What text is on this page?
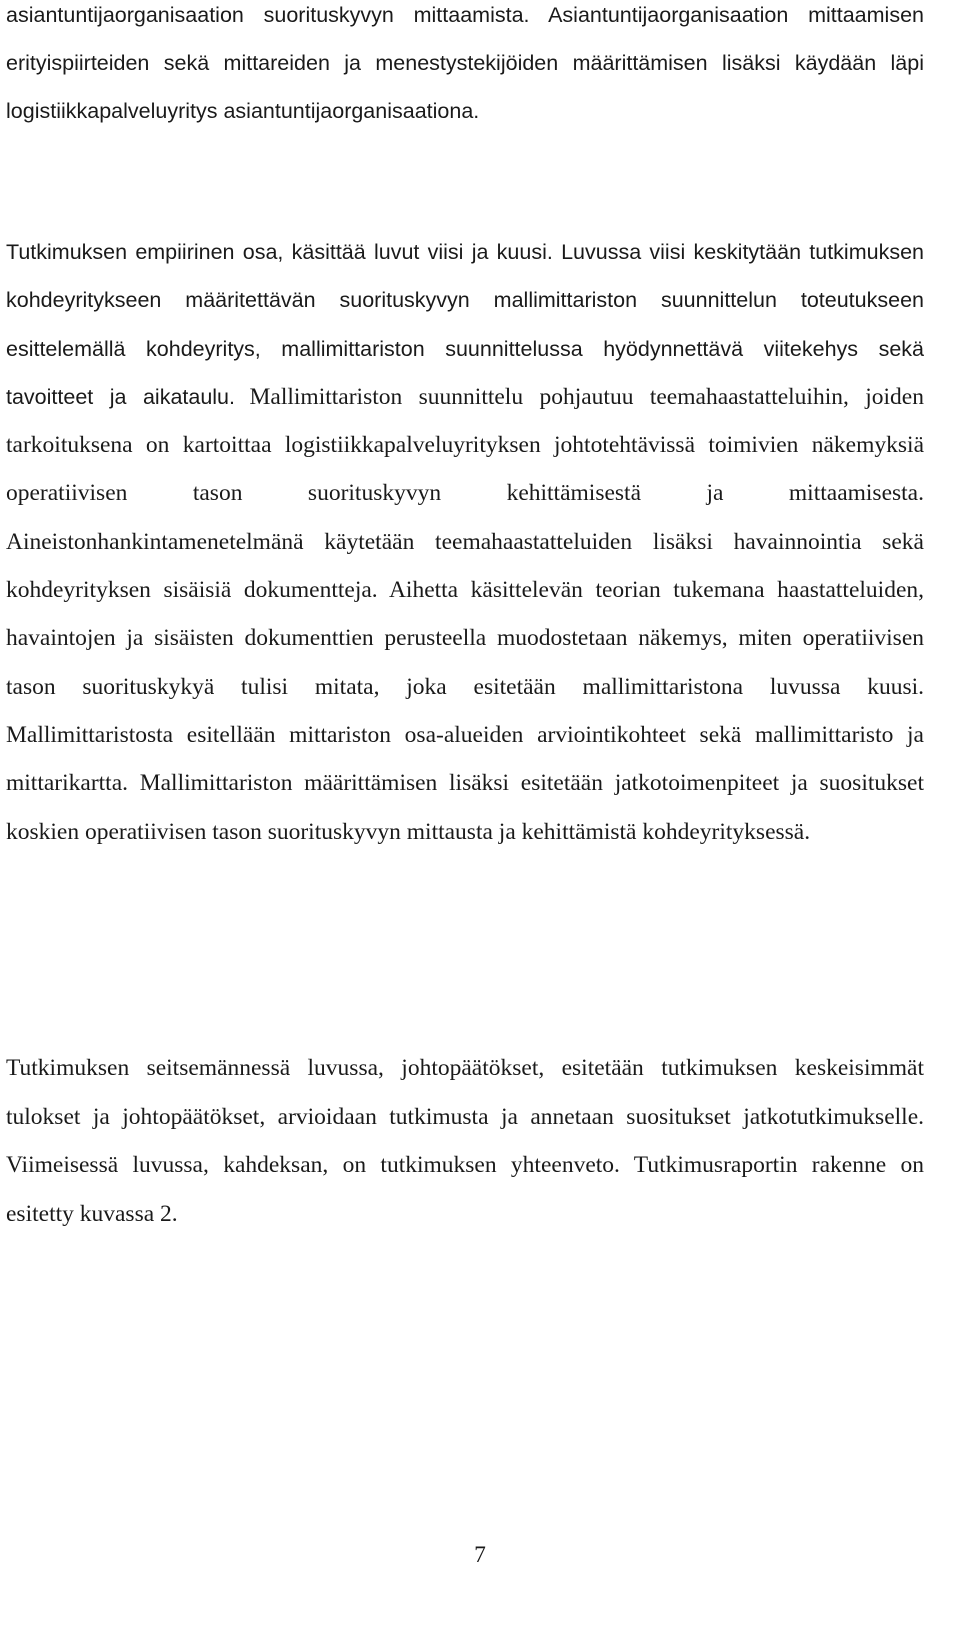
asiantuntijaorganisaation suorituskyvyn mittaamista. Asiantuntijaorganisaation mittaamisen erityispiirteiden sekä mittareiden ja menestystekijöiden määrittämisen lisäksi käydään läpi logistiikkapalveluyritys asiantuntijaorganisaationa.

Tutkimuksen empiirinen osa, käsittää luvut viisi ja kuusi. Luvussa viisi keskitytään tutkimuksen kohdeyritykseen määritettävän suorituskyvyn mallimittariston suunnittelun toteutukseen esittelemällä kohdeyritys, mallimittariston suunnittelussa hyödynnettävä viitekehys sekä tavoitteet ja aikataulu. Mallimittariston suunnittelu pohjautuu teemahaastatteluihin, joiden tarkoituksena on kartoittaa logistiikkapalveluyrityksen johtotehtävissä toimivien näkemyksiä operatiivisen tason suorituskyvyn kehittämisestä ja mittaamisesta. Aineistonhankintamenetelmänä käytetään teemahaastatteluiden lisäksi havainnointia sekä kohdeyrityksen sisäisiä dokumentteja. Aihetta käsittelevän teorian tukemana haastatteluiden, havaintojen ja sisäisten dokumenttien perusteella muodostetaan näkemys, miten operatiivisen tason suorituskykyä tulisi mitata, joka esitetään mallimittaristona luvussa kuusi. Mallimittaristosta esitellään mittariston osa-alueiden arviointikohteet sekä mallimittaristo ja mittarikartta. Mallimittariston määrittämisen lisäksi esitetään jatkotoimenpiteet ja suositukset koskien operatiivisen tason suorituskyvyn mittausta ja kehittämistä kohdeyrityksessä.

Tutkimuksen seitsemännessä luvussa, johtopäätökset, esitetään tutkimuksen keskeisimmät tulokset ja johtopäätökset, arvioidaan tutkimusta ja annetaan suositukset jatkotutkimukselle. Viimeisessä luvussa, kahdeksan, on tutkimuksen yhteenveto. Tutkimusraportin rakenne on esitetty kuvassa 2.

7
